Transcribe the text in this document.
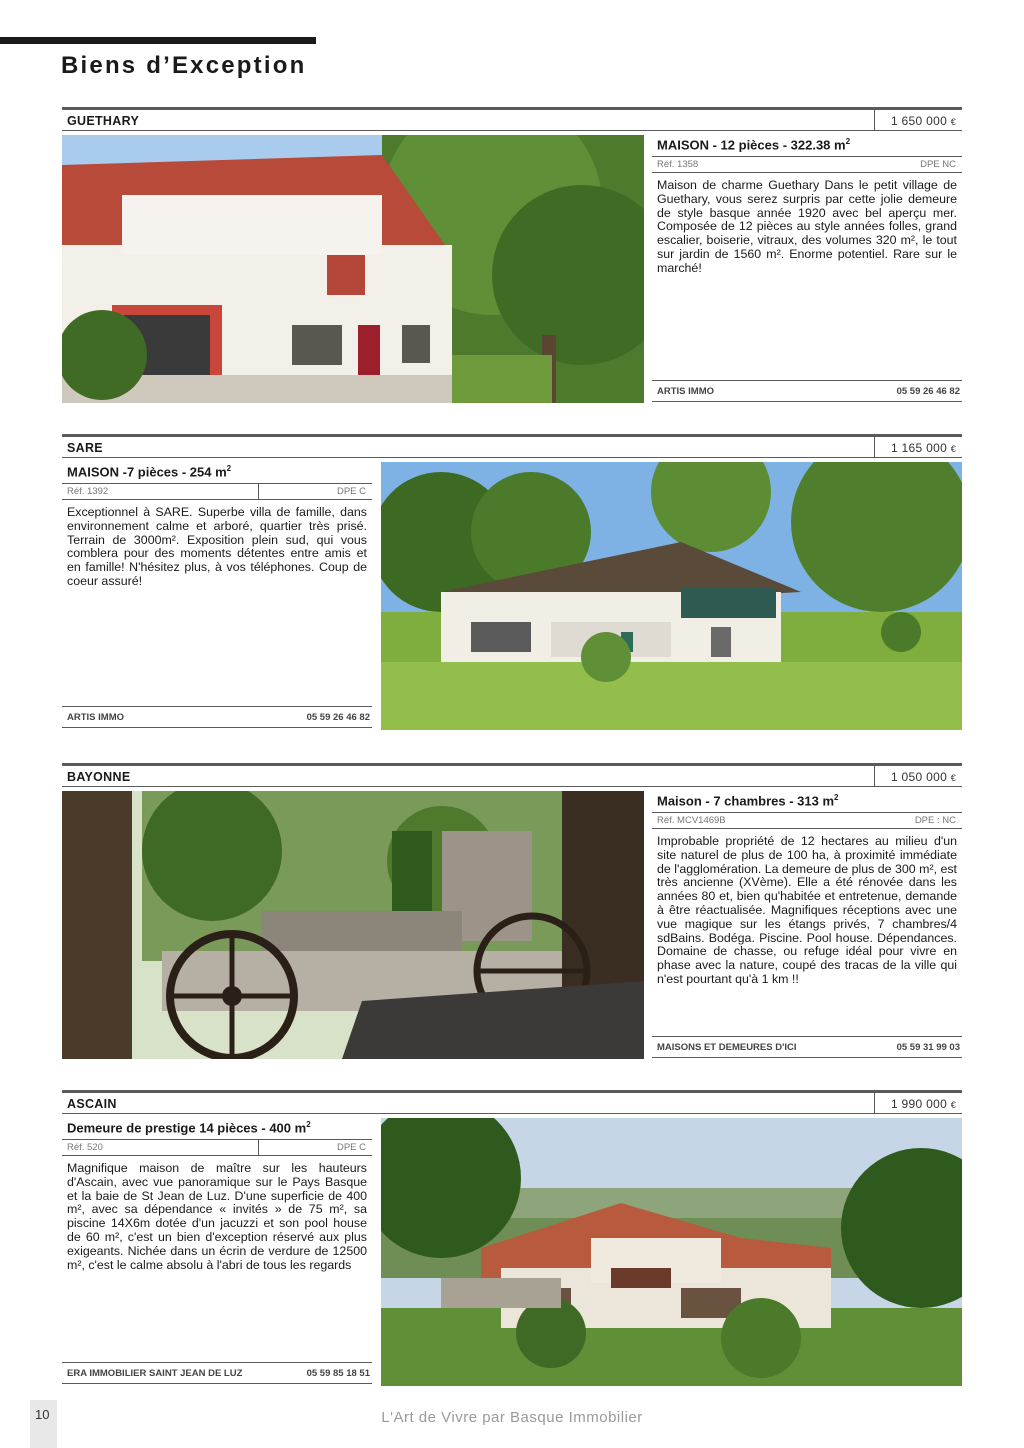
Biens d’Exception
GUETHARY	1 650 000 €
MAISON - 12 pièces - 322.38 $m^2$
Réf. 1358	DPE NC

Maison de charme Guethary Dans le petit village de Guethary, vous serez surpris par cette jolie demeure de style basque année 1920 avec bel aperçu mer. Composée de 12 pièces au style années folles, grand escalier, boiserie, vitraux, des volumes 320 m², le tout sur jardin de 1560 m². Enorme potentiel. Rare sur le marché!

ARTIS IMMO	05 59 26 46 82
SARE	1 165 000 €
MAISON -7 pièces - 254 $m^2$
Réf. 1392	DPE C

Exceptionnel à SARE. Superbe villa de famille, dans environnement calme et arboré, quartier très prisé. Terrain de 3000m². Exposition plein sud, qui vous comblera pour des moments détentes entre amis et en famille! N'hésitez plus, à vos téléphones. Coup de coeur assuré!

ARTIS IMMO	05 59 26 46 82
BAYONNE	1 050 000 €
Maison - 7 chambres - 313 $m^2$
Réf. MCV1469B	DPE : NC

Improbable propriété de 12 hectares au milieu d'un site naturel de plus de 100 ha, à proximité immédiate de l'agglomération. La demeure de plus de 300 m², est très ancienne (XVème). Elle a été rénovée dans les années 80 et, bien qu'habitée et entretenue, demande à être réactualisée. Magnifiques réceptions avec une vue magique sur les étangs privés, 7 chambres/4 sdBains. Bodéga. Piscine. Pool house. Dépendances. Domaine de chasse, ou refuge idéal pour vivre en phase avec la nature, coupé des tracas de la ville qui n'est pourtant qu'à 1 km !!

MAISONS ET DEMEURES D'ICI	05 59 31 99 03
ASCAIN	1 990 000 €
Demeure de prestige 14 pièces - 400 $m^2$
Réf. 520	DPE C

Magnifique maison de maître sur les hauteurs d'Ascain, avec vue panoramique sur le Pays Basque et la baie de St Jean de Luz. D'une superficie de 400 m², avec sa dépendance « invités » de 75 m², sa piscine 14X6m dotée d'un jacuzzi et son pool house de 60 m², c'est un bien d'exception réservé aux plus exigeants. Nichée dans un écrin de verdure de 12500 m², c'est le calme absolu à l'abri de tous les regards

ERA IMMOBILIER SAINT JEAN DE LUZ	05 59 85 18 51
10	L'Art de Vivre par Basque Immobilier
